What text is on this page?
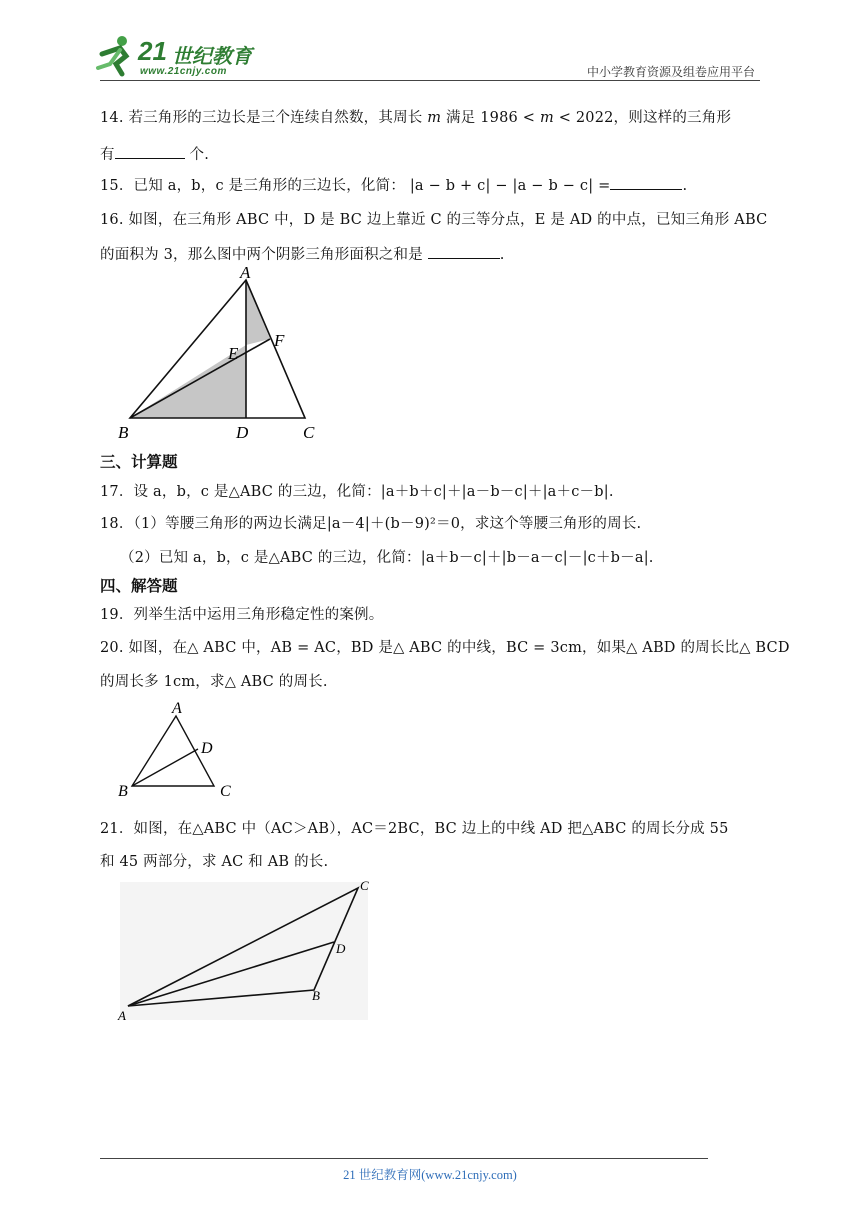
21 世纪教育
www.21cnjy.com	中小学教育资源及组卷应用平台
14. 若三角形的三边长是三个连续自然数，其周长 m 满足 1986 < m < 2022，则这样的三角形
有	个.
15．已知 a，b，c 是三角形的三边长，化简： |a − b + c| − |a − b − c| =	.
16. 如图，在三角形 ABC 中，D 是 BC 边上靠近 C 的三等分点，E 是 AD 的中点，已知三角形 ABC
的面积为 3，那么图中两个阴影三角形面积之和是	.
A
E
F
B	D	C
三、计算题
17．设 a，b，c 是△ABC 的三边，化简：|a＋b＋c|＋|a－b－c|＋|a＋c－b|.
18．（1）等腰三角形的两边长满足|a－4|＋(b－9)²＝0，求这个等腰三角形的周长.
（2）已知 a，b，c 是△ABC 的三边，化简：|a＋b－c|＋|b－a－c|－|c＋b－a|.
四、解答题
19．列举生活中运用三角形稳定性的案例。
20. 如图，在△ ABC 中，AB = AC，BD 是△ ABC 的中线，BC = 3cm，如果△ ABD 的周长比△ BCD
的周长多 1cm，求△ ABC 的周长.
A
D
B	C
21．如图，在△ABC 中（AC＞AB），AC＝2BC，BC 边上的中线 AD 把△ABC 的周长分成 55
和 45 两部分，求 AC 和 AB 的长.
C
D
B
A
21 世纪教育网(www.21cnjy.com)
